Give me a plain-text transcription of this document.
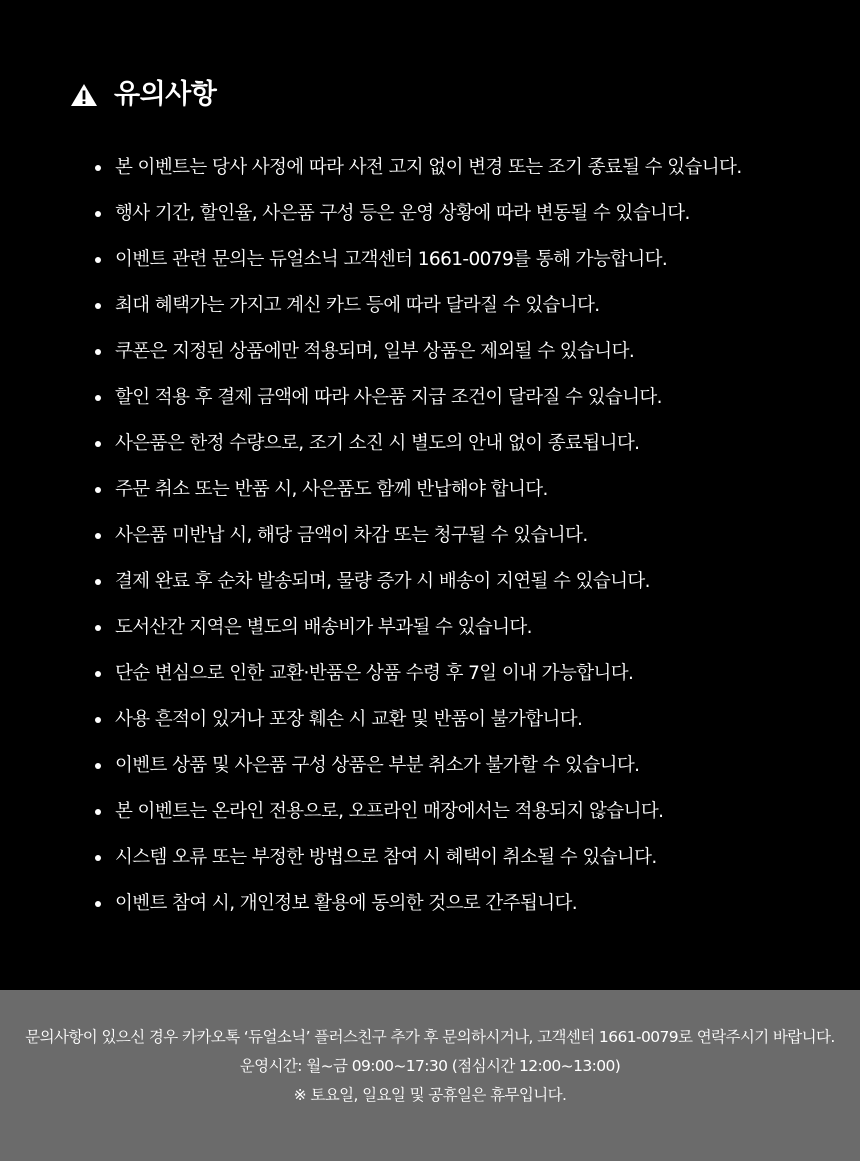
유의사항
본 이벤트는 당사 사정에 따라 사전 고지 없이 변경 또는 조기 종료될 수 있습니다.
행사 기간, 할인율, 사은품 구성 등은 운영 상황에 따라 변동될 수 있습니다.
이벤트 관련 문의는 듀얼소닉 고객센터 1661-0079를 통해 가능합니다.
최대 혜택가는 가지고 계신 카드 등에 따라 달라질 수 있습니다.
쿠폰은 지정된 상품에만 적용되며, 일부 상품은 제외될 수 있습니다.
할인 적용 후 결제 금액에 따라 사은품 지급 조건이 달라질 수 있습니다.
사은품은 한정 수량으로, 조기 소진 시 별도의 안내 없이 종료됩니다.
주문 취소 또는 반품 시, 사은품도 함께 반납해야 합니다.
사은품 미반납 시, 해당 금액이 차감 또는 청구될 수 있습니다.
결제 완료 후 순차 발송되며, 물량 증가 시 배송이 지연될 수 있습니다.
도서산간 지역은 별도의 배송비가 부과될 수 있습니다.
단순 변심으로 인한 교환·반품은 상품 수령 후 7일 이내 가능합니다.
사용 흔적이 있거나 포장 훼손 시 교환 및 반품이 불가합니다.
이벤트 상품 및 사은품 구성 상품은 부분 취소가 불가할 수 있습니다.
본 이벤트는 온라인 전용으로, 오프라인 매장에서는 적용되지 않습니다.
시스템 오류 또는 부정한 방법으로 참여 시 혜택이 취소될 수 있습니다.
이벤트 참여 시, 개인정보 활용에 동의한 것으로 간주됩니다.

문의사항이 있으신 경우 카카오톡 ‘듀얼소닉’ 플러스친구 추가 후 문의하시거나, 고객센터 1661-0079로 연락주시기 바랍니다.

운영시간: 월~금 09:00~17:30 (점심시간 12:00~13:00)

※ 토요일, 일요일 및 공휴일은 휴무입니다.
